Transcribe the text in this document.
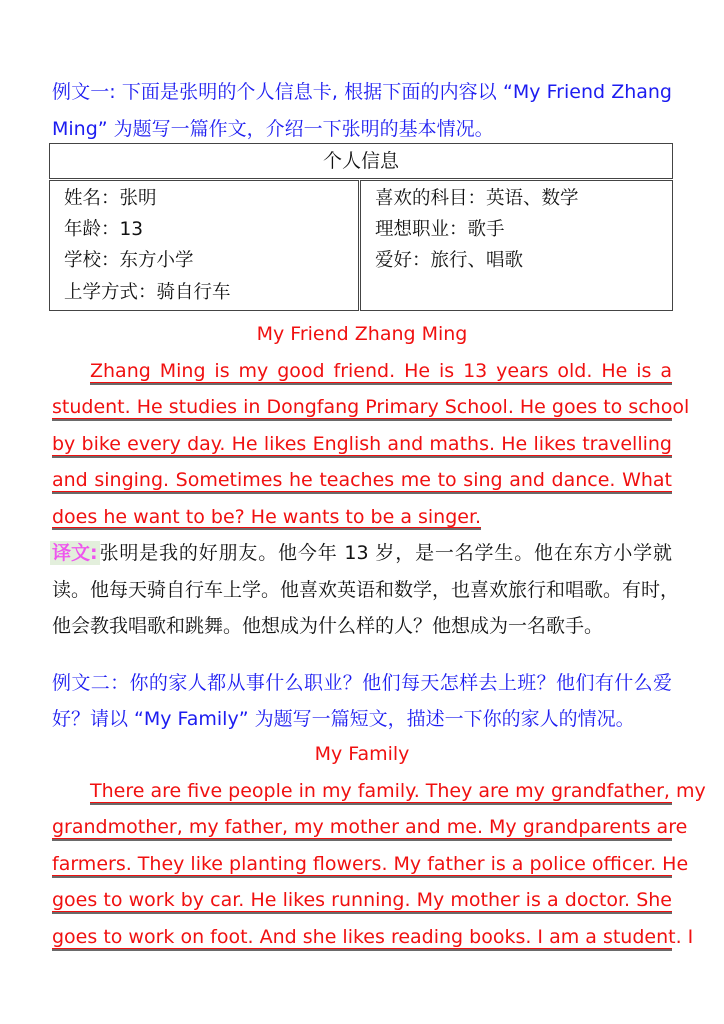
例文一: 下面是张明的个人信息卡, 根据下面的内容以 “My Friend Zhang
Ming” 为题写一篇作文，介绍一下张明的基本情况。
个人信息
姓名：张明
年龄：13
学校：东方小学
上学方式：骑自行车
喜欢的科目：英语、数学
理想职业：歌手
爱好：旅行、唱歌
My Friend Zhang Ming
Zhang Ming is my good friend. He is 13 years old. He is a
student. He studies in Dongfang Primary School. He goes to school
by bike every day. He likes English and maths. He likes travelling
and singing. Sometimes he teaches me to sing and dance. What
does he want to be? He wants to be a singer.
译文: 张明是我的好朋友。他今年 13 岁，是一名学生。他在东方小学就
读。他每天骑自行车上学。他喜欢英语和数学，也喜欢旅行和唱歌。有时，
他会教我唱歌和跳舞。他想成为什么样的人？他想成为一名歌手。
例文二：你的家人都从事什么职业？他们每天怎样去上班？他们有什么爱
好？请以 “My Family” 为题写一篇短文，描述一下你的家人的情况。
My Family
There are five people in my family. They are my grandfather, my
grandmother, my father, my mother and me. My grandparents are
farmers. They like planting flowers. My father is a police officer. He
goes to work by car. He likes running. My mother is a doctor. She
goes to work on foot. And she likes reading books. I am a student. I
